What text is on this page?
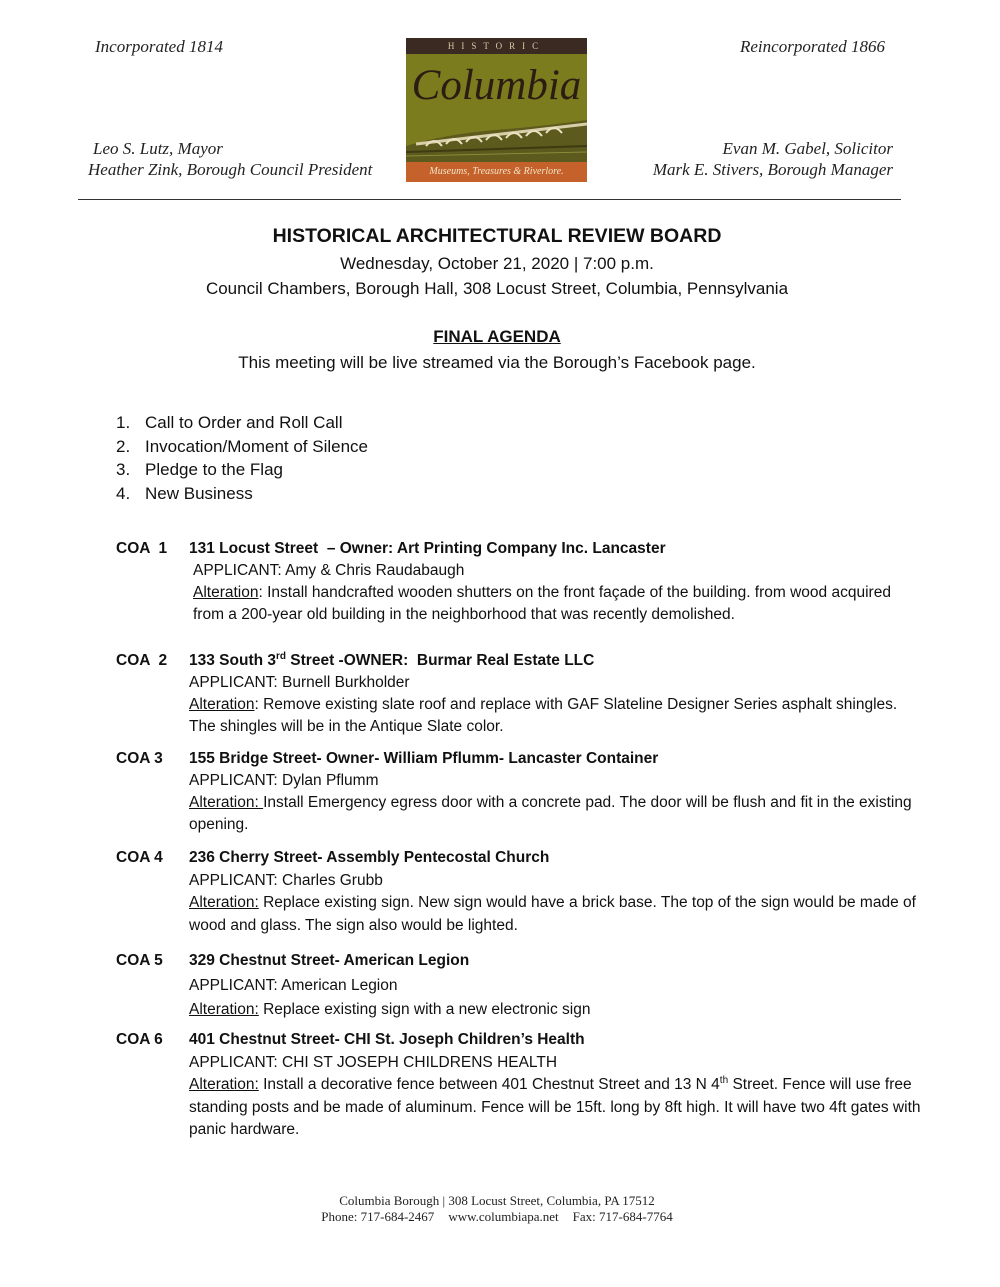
Incorporated 1814	Reincorporated 1866
Leo S. Lutz, Mayor
Heather Zink, Borough Council President
Evan M. Gabel, Solicitor
Mark E. Stivers, Borough Manager
HISTORIC
Columbia
Museums, Treasures & Riverlore.
HISTORICAL ARCHITECTURAL REVIEW BOARD
Wednesday, October 21, 2020 | 7:00 p.m.
Council Chambers, Borough Hall, 308 Locust Street, Columbia, Pennsylvania
FINAL AGENDA
This meeting will be live streamed via the Borough’s Facebook page.
1. Call to Order and Roll Call
2. Invocation/Moment of Silence
3. Pledge to the Flag
4. New Business
COA  1 131 Locust Street  – Owner: Art Printing Company Inc. Lancaster
APPLICANT: Amy & Chris Raudabaugh
Alteration: Install handcrafted wooden shutters on the front façade of the building. from wood acquired from a 200-year old building in the neighborhood that was recently demolished.
COA  2 133 South 3rd Street -OWNER:  Burmar Real Estate LLC
APPLICANT: Burnell Burkholder
Alteration: Remove existing slate roof and replace with GAF Slateline Designer Series asphalt shingles. The shingles will be in the Antique Slate color.
COA 3 155 Bridge Street- Owner- William Pflumm- Lancaster Container
APPLICANT: Dylan Pflumm
Alteration: Install Emergency egress door with a concrete pad. The door will be flush and fit in the existing opening.
COA 4 236 Cherry Street- Assembly Pentecostal Church
APPLICANT: Charles Grubb
Alteration: Replace existing sign. New sign would have a brick base. The top of the sign would be made of wood and glass. The sign also would be lighted.
COA 5 329 Chestnut Street- American Legion
APPLICANT: American Legion
Alteration: Replace existing sign with a new electronic sign
COA 6 401 Chestnut Street- CHI St. Joseph Children’s Health
APPLICANT: CHI ST JOSEPH CHILDRENS HEALTH
Alteration: Install a decorative fence between 401 Chestnut Street and 13 N 4th Street. Fence will use free standing posts and be made of aluminum. Fence will be 15ft. long by 8ft high. It will have two 4ft gates with panic hardware.
Columbia Borough | 308 Locust Street, Columbia, PA 17512
Phone: 717-684-2467 www.columbiapa.net Fax: 717-684-7764
